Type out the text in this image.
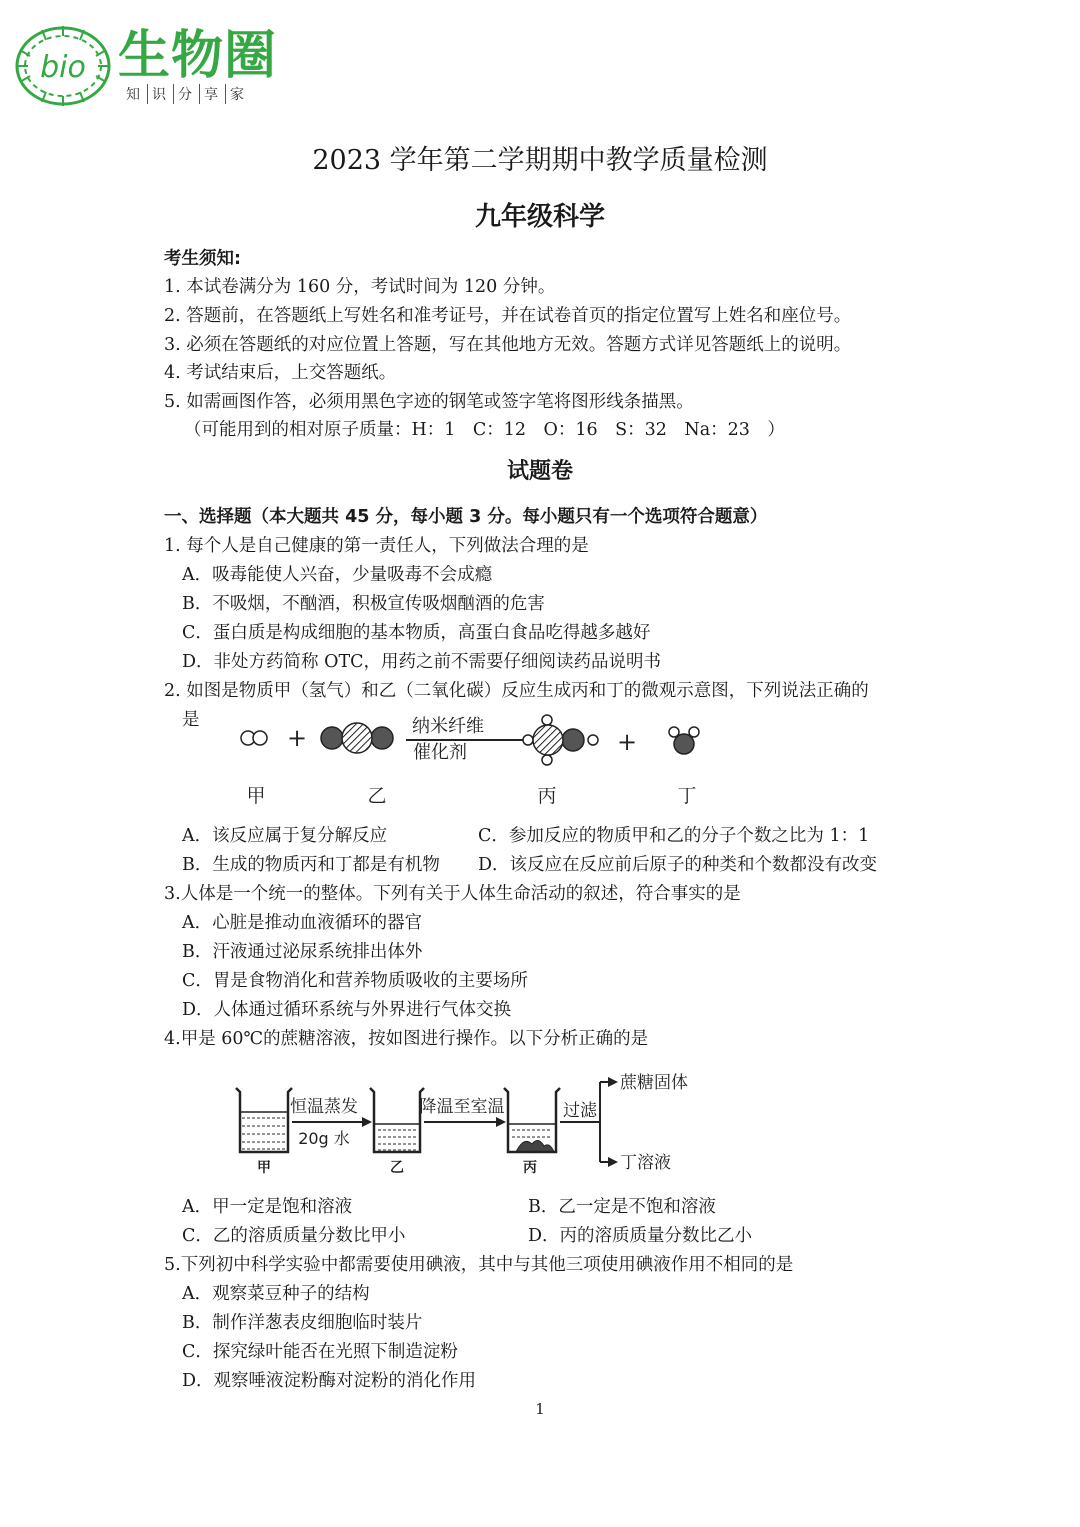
bio 生物圈
知 识 分 享 家
2023 学年第二学期期中教学质量检测
九年级科学
考生须知:
1. 本试卷满分为 160 分，考试时间为 120 分钟。
2. 答题前，在答题纸上写姓名和准考证号，并在试卷首页的指定位置写上姓名和座位号。
3. 必须在答题纸的对应位置上答题，写在其他地方无效。答题方式详见答题纸上的说明。
4. 考试结束后，上交答题纸。
5. 如需画图作答，必须用黑色字迹的钢笔或签字笔将图形线条描黑。
（可能用到的相对原子质量：H：1　C：12　O：16　S：32　Na：23　）
试题卷
一、选择题（本大题共 45 分，每小题 3 分。每小题只有一个选项符合题意）
1. 每个人是自己健康的第一责任人，下列做法合理的是
A．吸毒能使人兴奋，少量吸毒不会成瘾
B．不吸烟，不酗酒，积极宣传吸烟酗酒的危害
C．蛋白质是构成细胞的基本物质，高蛋白食品吃得越多越好
D．非处方药简称 OTC，用药之前不需要仔细阅读药品说明书
2. 如图是物质甲（氢气）和乙（二氧化碳）反应生成丙和丁的微观示意图，下列说法正确的
是
+	纳米纤维
催化剂	+
甲	乙	丙	丁
A．该反应属于复分解反应	C．参加反应的物质甲和乙的分子个数之比为 1：1
B．生成的物质丙和丁都是有机物 D．该反应在反应前后原子的种类和个数都没有改变
3.人体是一个统一的整体。下列有关于人体生命活动的叙述，符合事实的是
A．心脏是推动血液循环的器官
B．汗液通过泌尿系统排出体外
C．胃是食物消化和营养物质吸收的主要场所
D．人体通过循环系统与外界进行气体交换
4.甲是 60℃的蔗糖溶液，按如图进行操作。以下分析正确的是
恒温蒸发
20g 水
降温至室温	过滤
蔗糖固体
丁溶液
甲	乙	丙
A．甲一定是饱和溶液	B．乙一定是不饱和溶液
C．乙的溶质质量分数比甲小	D．丙的溶质质量分数比乙小
5.下列初中科学实验中都需要使用碘液，其中与其他三项使用碘液作用不相同的是
A．观察菜豆种子的结构
B．制作洋葱表皮细胞临时装片
C．探究绿叶能否在光照下制造淀粉
D．观察唾液淀粉酶对淀粉的消化作用
1
